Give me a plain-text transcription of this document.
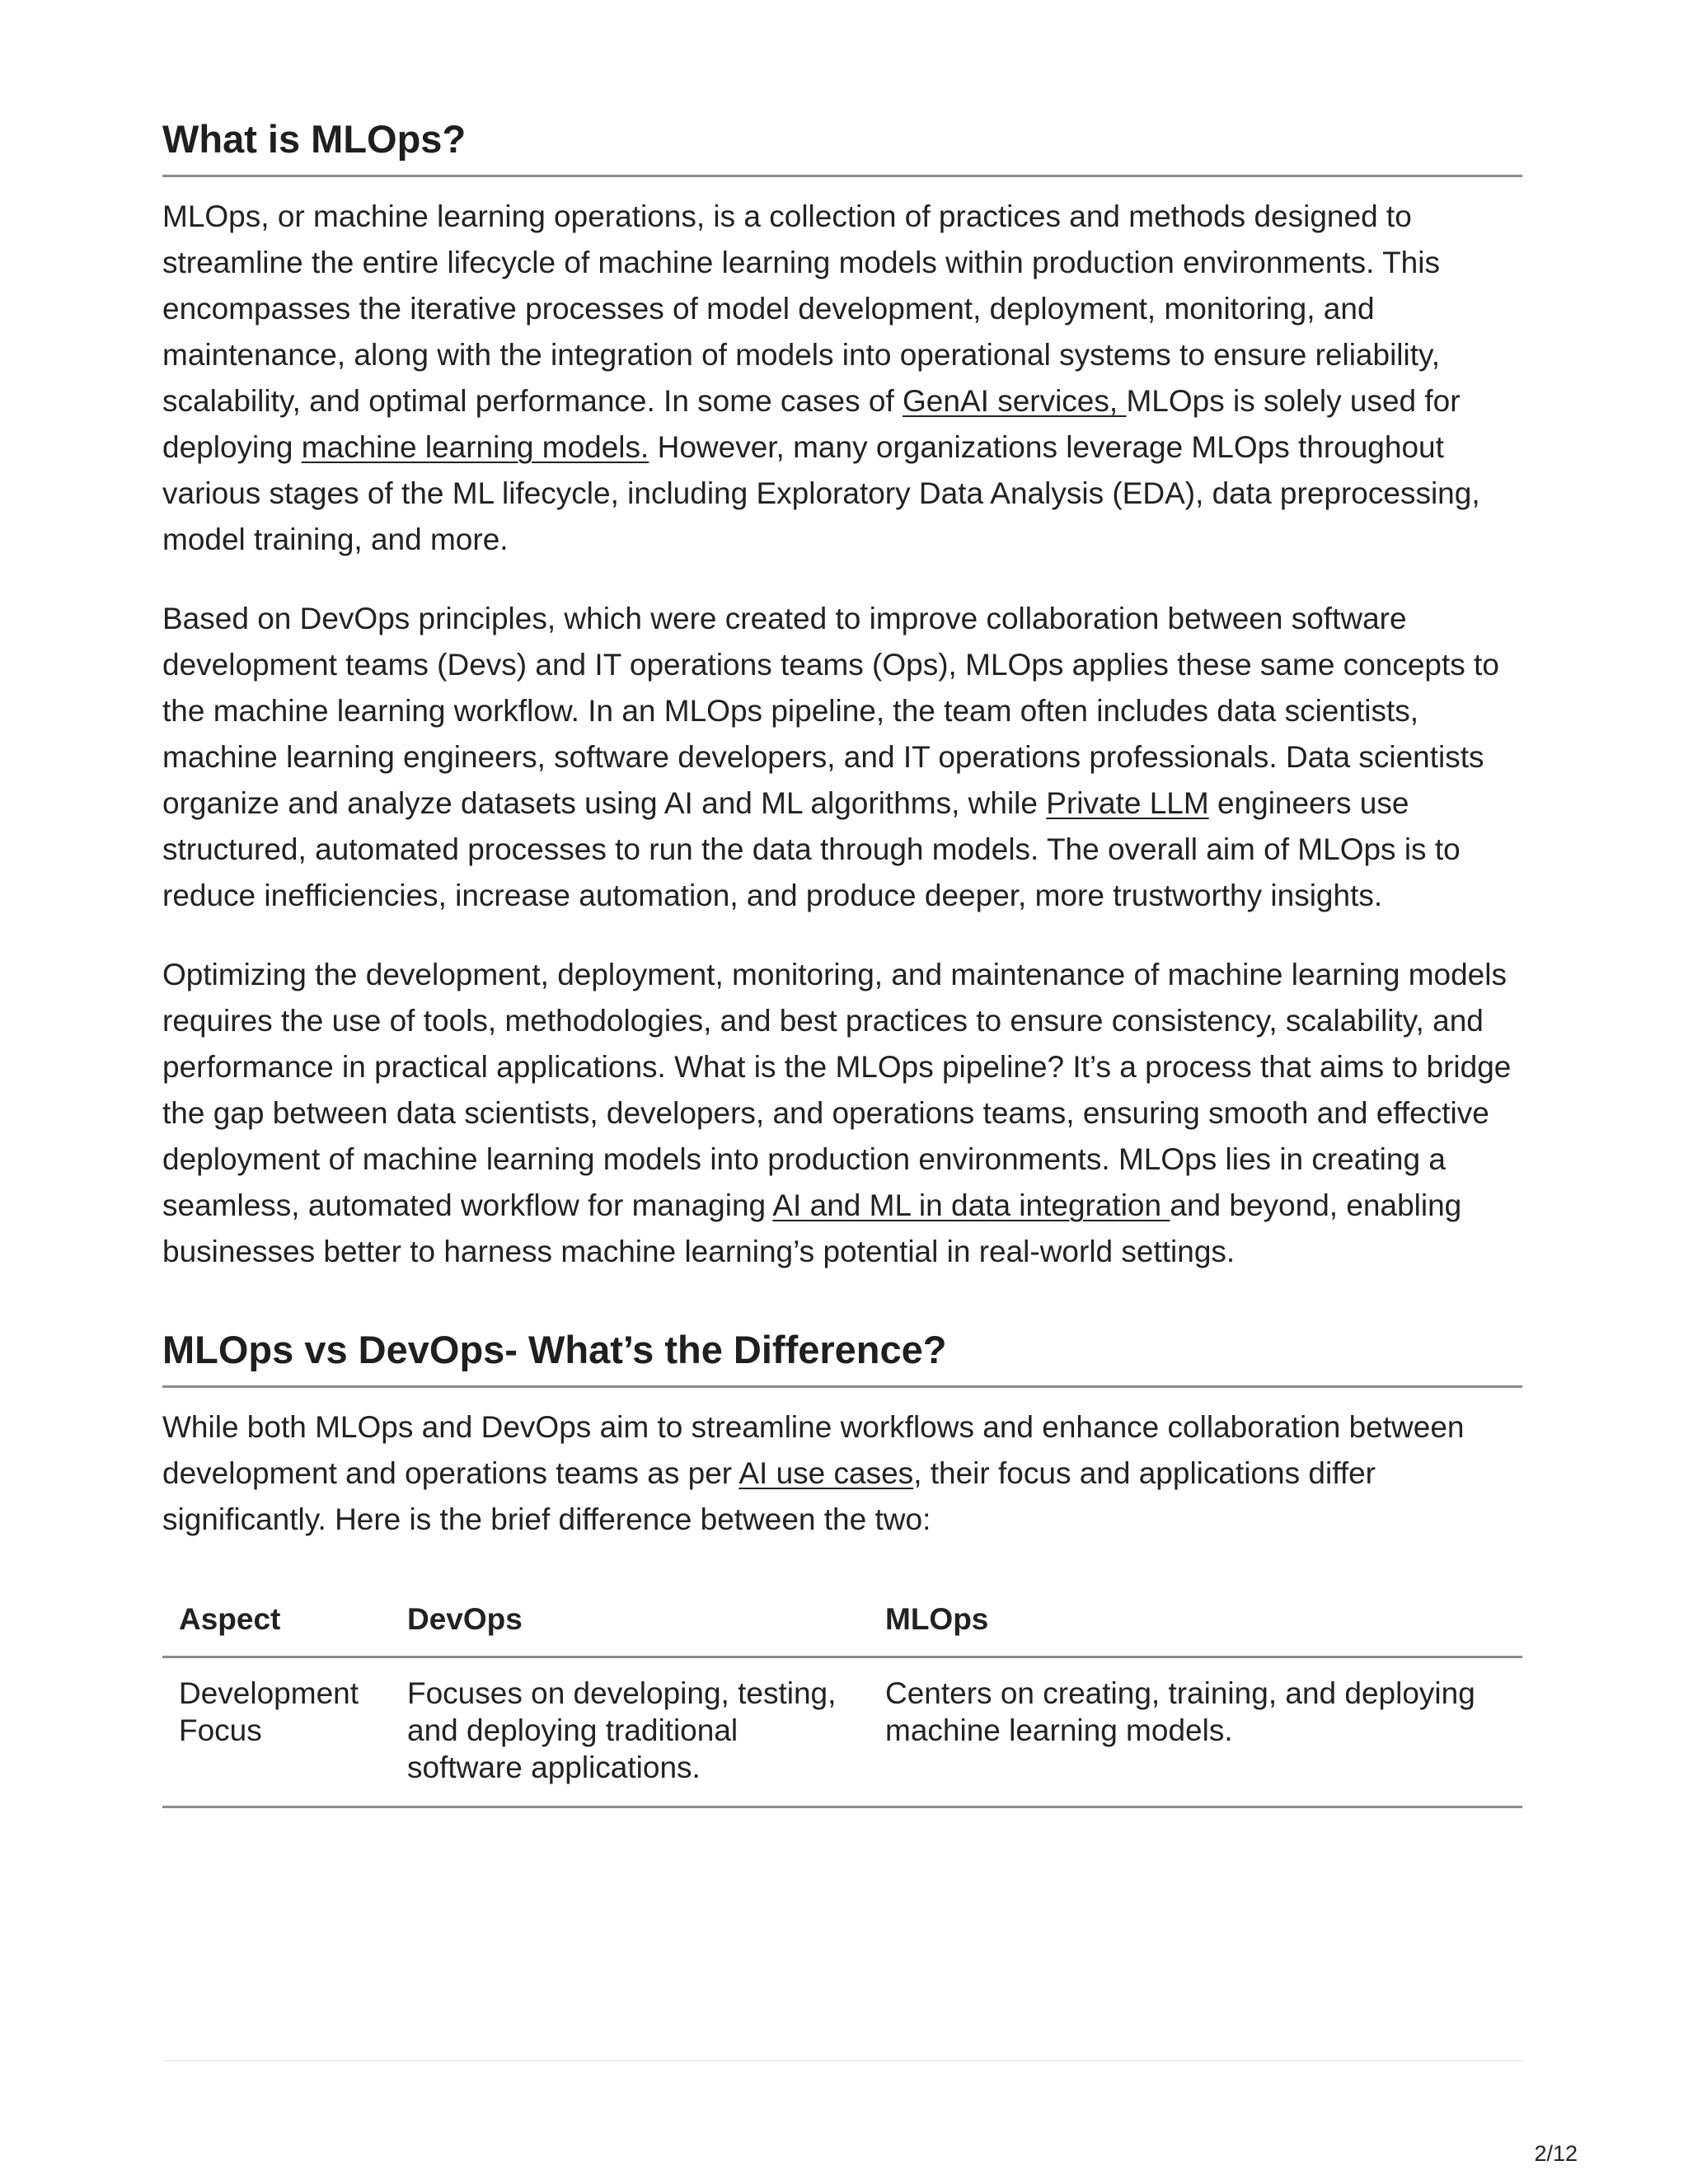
What is MLOps?

MLOps, or machine learning operations, is a collection of practices and methods designed to streamline the entire lifecycle of machine learning models within production environments. This encompasses the iterative processes of model development, deployment, monitoring, and maintenance, along with the integration of models into operational systems to ensure reliability, scalability, and optimal performance. In some cases of GenAI services, MLOps is solely used for deploying machine learning models. However, many organizations leverage MLOps throughout various stages of the ML lifecycle, including Exploratory Data Analysis (EDA), data preprocessing, model training, and more.

Based on DevOps principles, which were created to improve collaboration between software development teams (Devs) and IT operations teams (Ops), MLOps applies these same concepts to the machine learning workflow. In an MLOps pipeline, the team often includes data scientists, machine learning engineers, software developers, and IT operations professionals. Data scientists organize and analyze datasets using AI and ML algorithms, while Private LLM engineers use structured, automated processes to run the data through models. The overall aim of MLOps is to reduce inefficiencies, increase automation, and produce deeper, more trustworthy insights.

Optimizing the development, deployment, monitoring, and maintenance of machine learning models requires the use of tools, methodologies, and best practices to ensure consistency, scalability, and performance in practical applications. What is the MLOps pipeline? It’s a process that aims to bridge the gap between data scientists, developers, and operations teams, ensuring smooth and effective deployment of machine learning models into production environments. MLOps lies in creating a seamless, automated workflow for managing AI and ML in data integration and beyond, enabling businesses better to harness machine learning’s potential in real-world settings.

MLOps vs DevOps- What’s the Difference?

While both MLOps and DevOps aim to streamline workflows and enhance collaboration between development and operations teams as per AI use cases, their focus and applications differ significantly. Here is the brief difference between the two:

Aspect	DevOps	MLOps
Development Focus	Focuses on developing, testing, and deploying traditional software applications.	Centers on creating, training, and deploying machine learning models.
2/12
